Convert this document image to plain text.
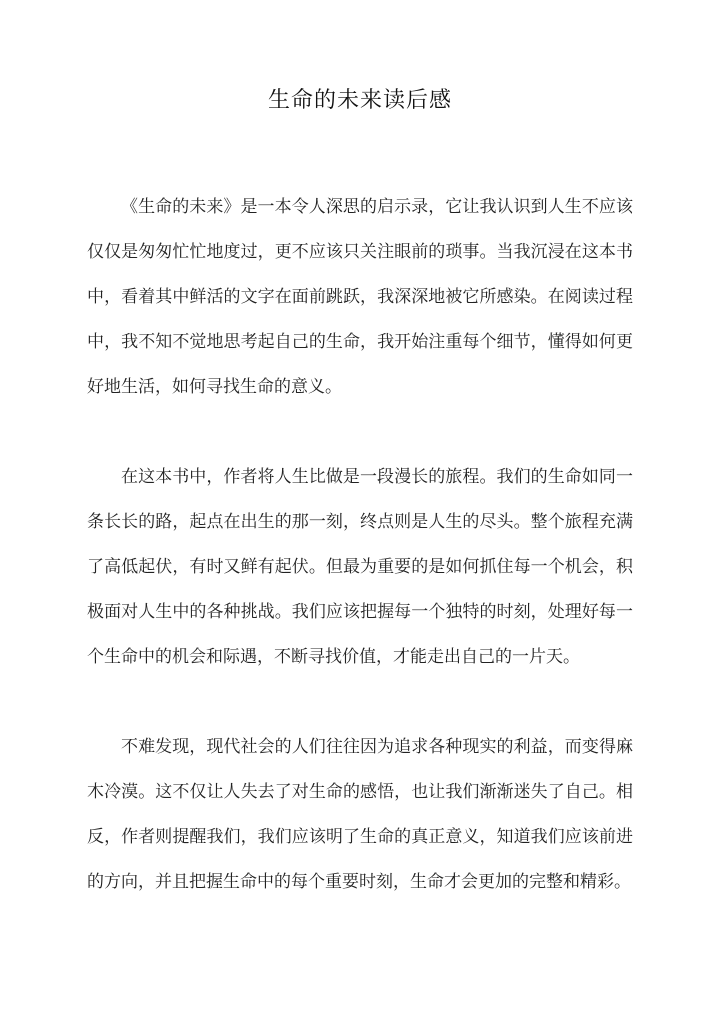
生命的未来读后感

《生命的未来》是一本令人深思的启示录，它让我认识到人生不应该仅仅是匆匆忙忙地度过，更不应该只关注眼前的琐事。当我沉浸在这本书中，看着其中鲜活的文字在面前跳跃，我深深地被它所感染。在阅读过程中，我不知不觉地思考起自己的生命，我开始注重每个细节，懂得如何更好地生活，如何寻找生命的意义。

在这本书中，作者将人生比做是一段漫长的旅程。我们的生命如同一条长长的路，起点在出生的那一刻，终点则是人生的尽头。整个旅程充满了高低起伏，有时又鲜有起伏。但最为重要的是如何抓住每一个机会，积极面对人生中的各种挑战。我们应该把握每一个独特的时刻，处理好每一个生命中的机会和际遇，不断寻找价值，才能走出自己的一片天。

不难发现，现代社会的人们往往因为追求各种现实的利益，而变得麻木冷漠。这不仅让人失去了对生命的感悟，也让我们渐渐迷失了自己。相反，作者则提醒我们，我们应该明了生命的真正意义，知道我们应该前进的方向，并且把握生命中的每个重要时刻，生命才会更加的完整和精彩。
